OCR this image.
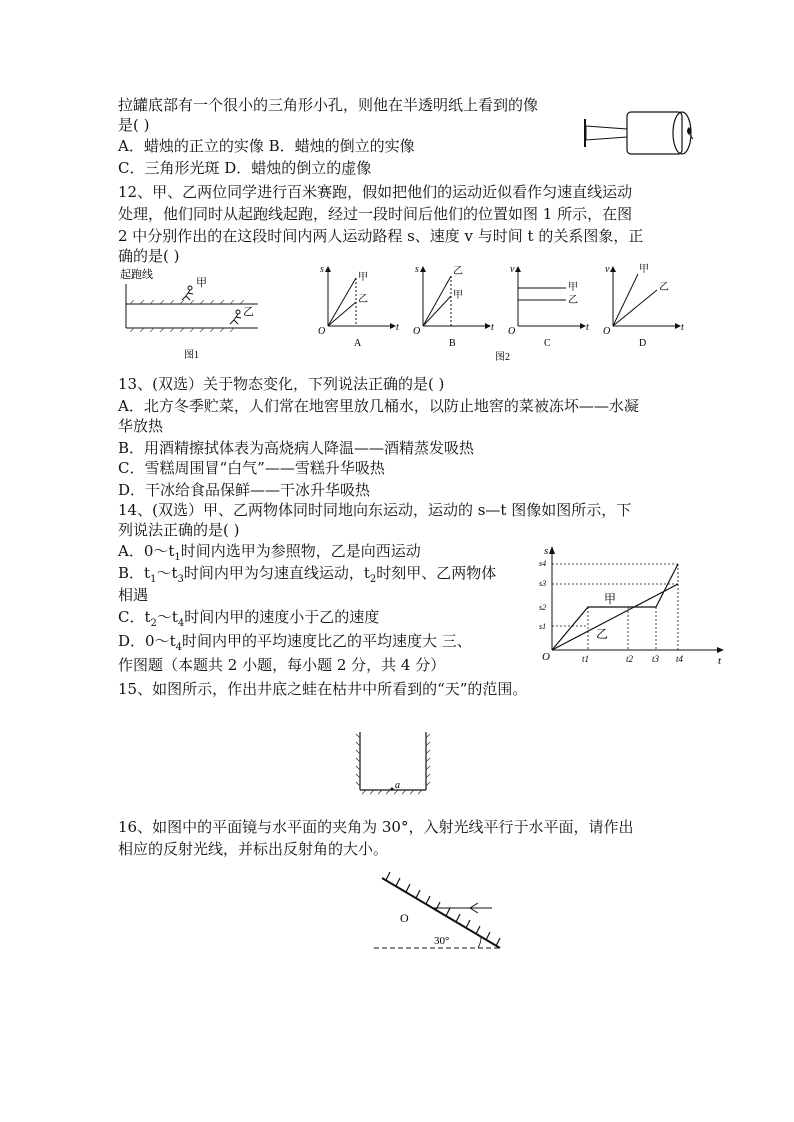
拉罐底部有一个很小的三角形小孔，则他在半透明纸上看到的像
是( )
A．蜡烛的正立的实像 B．蜡烛的倒立的实像
C．三角形光斑 D．蜡烛的倒立的虚像
12、甲、乙两位同学进行百米赛跑，假如把他们的运动近似看作匀速直线运动
处理，他们同时从起跑线起跑，经过一段时间后他们的位置如图 1 所示，在图
2 中分别作出的在这段时间内两人运动路程 s、速度 v 与时间 t 的关系图象，正
确的是( )
起跑线
甲
乙
图1
s
t
O
甲
乙
A
s
t
O
乙
甲
B
v
t
O
甲
乙
C
v
t
O
甲
乙
D
图2
13、(双选）关于物态变化，下列说法正确的是( )
A．北方冬季贮菜，人们常在地窖里放几桶水，以防止地窖的菜被冻坏——水凝
华放热
B．用酒精擦拭体表为高烧病人降温——酒精蒸发吸热
C．雪糕周围冒“白气”——雪糕升华吸热
D．干冰给食品保鲜——干冰升华吸热
14、(双选）甲、乙两物体同时同地向东运动，运动的 s—t 图像如图所示，下
列说法正确的是( )
A．$0\sim t_1$时间内选甲为参照物，乙是向西运动
B．$t_1\sim t_3$时间内甲为匀速直线运动，$t_2$时刻甲、乙两物体
相遇
C．$t_2\sim t_4$时间内甲的速度小于乙的速度
D．$0\sim t_4$时间内甲的平均速度比乙的平均速度大 三、
作图题（本题共 2 小题，每小题 2 分，共 4 分）
s
t
O
s4
s3
s2
s1
t1	t2 t3 t4
甲
乙
15、如图所示，作出井底之蛙在枯井中所看到的“天”的范围。
a
16、如图中的平面镜与水平面的夹角为 30°，入射光线平行于水平面，请作出
相应的反射光线，并标出反射角的大小。
O
30°
